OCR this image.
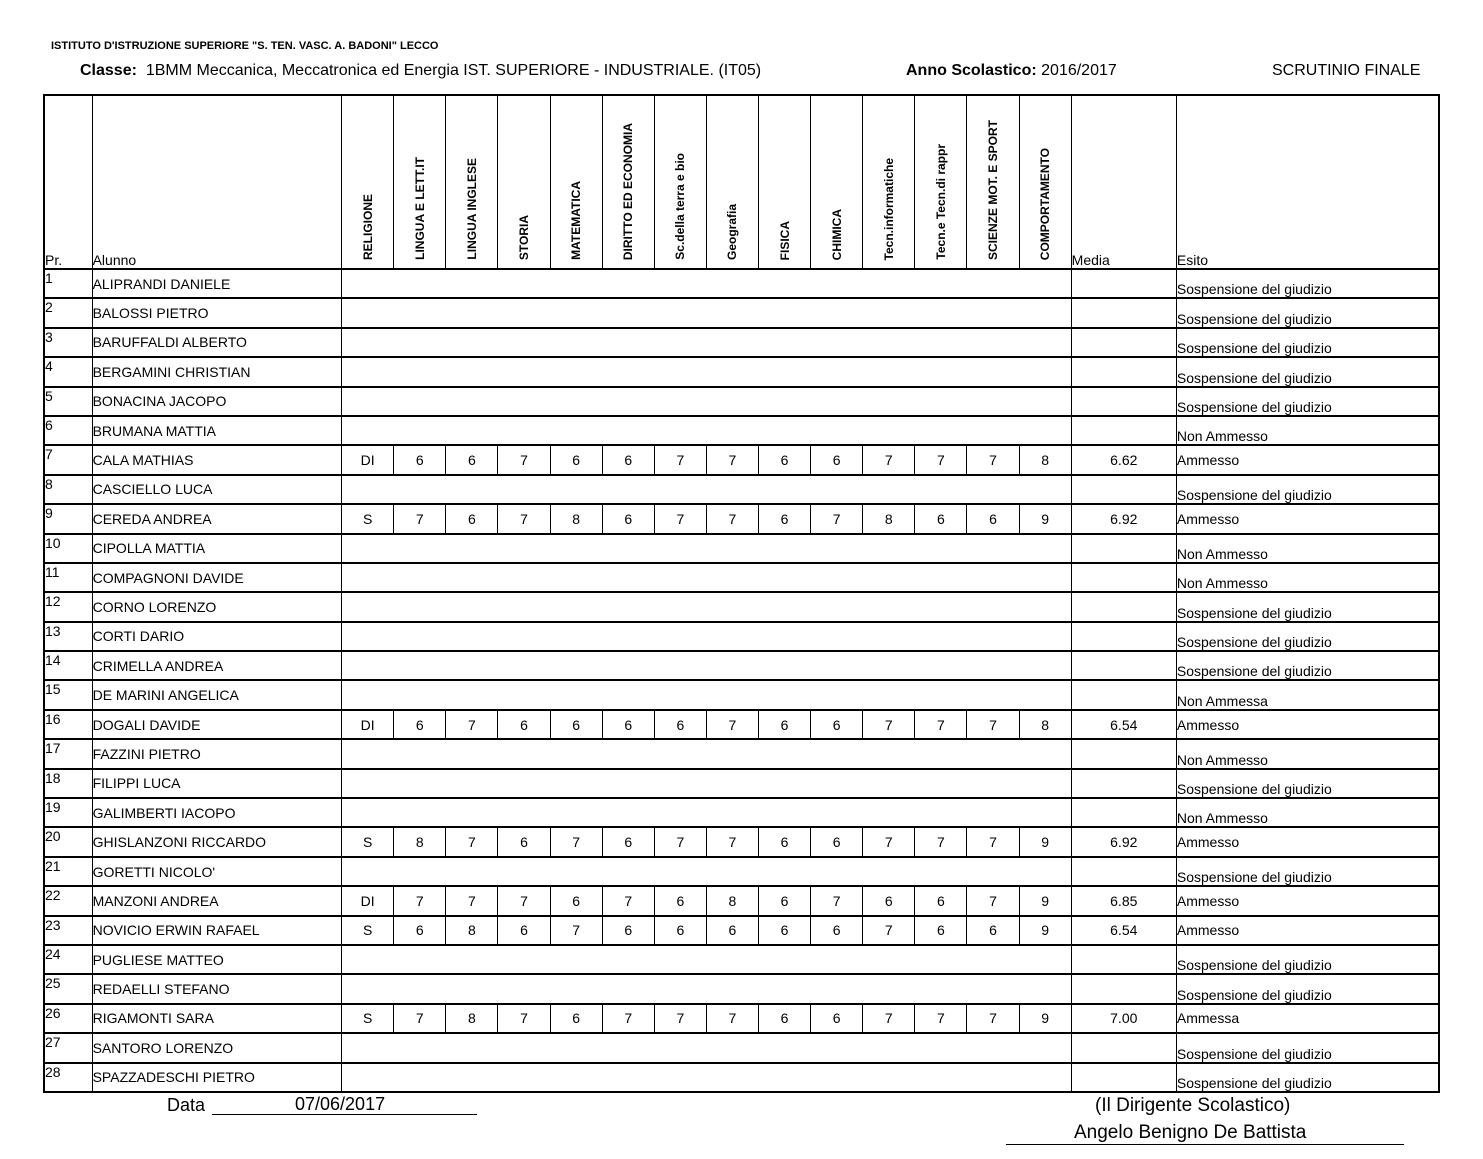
ISTITUTO D'ISTRUZIONE SUPERIORE "S. TEN. VASC. A. BADONI" LECCO
Classe: 1BMM Meccanica, Meccatronica ed Energia IST. SUPERIORE - INDUSTRIALE. (IT05)	Anno Scolastico: 2016/2017	SCRUTINIO FINALE
Pr.	Alunno	RELIGIONE	LINGUA E LETT.IT	LINGUA INGLESE	STORIA	MATEMATICA	DIRITTO ED ECONOMIA	Sc.della terra e bio	Geografia	FISICA	CHIMICA	Tecn.informatiche	Tecn.e Tecn.di rappr	SCIENZE MOT. E SPORT	COMPORTAMENTO	Media	Esito
1	ALIPRANDI DANIELE																Sospensione del giudizio
2	BALOSSI PIETRO																Sospensione del giudizio
3	BARUFFALDI ALBERTO																Sospensione del giudizio
4	BERGAMINI CHRISTIAN																Sospensione del giudizio
5	BONACINA JACOPO																Sospensione del giudizio
6	BRUMANA MATTIA																Non Ammesso
7	CALA MATHIAS	DI	6	6	7	6	6	7	7	6	6	7	7	7	8	6.62	Ammesso
8	CASCIELLO LUCA																Sospensione del giudizio
9	CEREDA ANDREA	S	7	6	7	8	6	7	7	6	7	8	6	6	9	6.92	Ammesso
10	CIPOLLA MATTIA																Non Ammesso
11	COMPAGNONI DAVIDE																Non Ammesso
12	CORNO LORENZO																Sospensione del giudizio
13	CORTI DARIO																Sospensione del giudizio
14	CRIMELLA ANDREA																Sospensione del giudizio
15	DE MARINI ANGELICA																Non Ammessa
16	DOGALI DAVIDE	DI	6	7	6	6	6	6	7	6	6	7	7	7	8	6.54	Ammesso
17	FAZZINI PIETRO																Non Ammesso
18	FILIPPI LUCA																Sospensione del giudizio
19	GALIMBERTI IACOPO																Non Ammesso
20	GHISLANZONI RICCARDO	S	8	7	6	7	6	7	7	6	6	7	7	7	9	6.92	Ammesso
21	GORETTI NICOLO'																Sospensione del giudizio
22	MANZONI ANDREA	DI	7	7	7	6	7	6	8	6	7	6	6	7	9	6.85	Ammesso
23	NOVICIO ERWIN RAFAEL	S	6	8	6	7	6	6	6	6	6	7	6	6	9	6.54	Ammesso
24	PUGLIESE MATTEO																Sospensione del giudizio
25	REDAELLI STEFANO																Sospensione del giudizio
26	RIGAMONTI SARA	S	7	8	7	6	7	7	7	6	6	7	7	7	9	7.00	Ammessa
27	SANTORO LORENZO																Sospensione del giudizio
28	SPAZZADESCHI PIETRO																Sospensione del giudizio
Data	07/06/2017	(Il Dirigente Scolastico)
Angelo Benigno De Battista
